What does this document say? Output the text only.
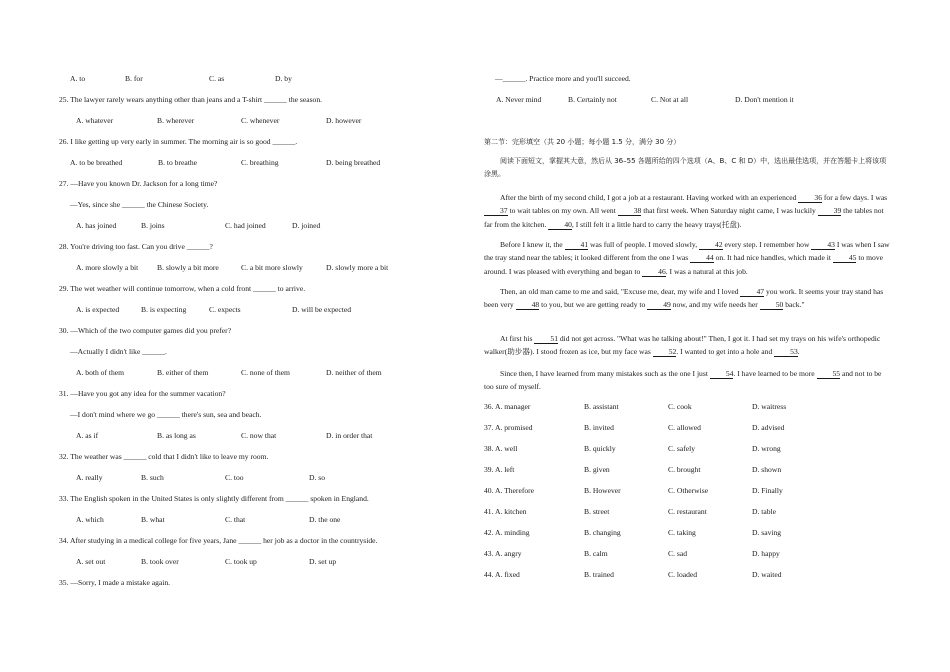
A. to	B. for	C. as	D. by
25. The lawyer rarely wears anything other than jeans and a T-shirt ______ the season.
A. whatever	B. wherever	C. whenever	D. however
26. I like getting up very early in summer. The morning air is so good ______.
A. to be breathed	B. to breathe	C. breathing	D. being breathed
27. —Have you known Dr. Jackson for a long time?
—Yes, since she ______ the Chinese Society.
A. has joined	B. joins	C. had joined	D. joined
28. You're driving too fast. Can you drive ______?
A. more slowly a bit B. slowly a bit more	C. a bit more slowly	D. slowly more a bit
29. The wet weather will continue tomorrow, when a cold front ______ to arrive.
A. is expected	B. is expecting	C. expects	D. will be expected
30. —Which of the two computer games did you prefer?
—Actually I didn't like ______.
A. both of them	B. either of them	C. none of them	D. neither of them
31. —Have you got any idea for the summer vacation?
—I don't mind where we go ______ there's sun, sea and beach.
A. as if	B. as long as	C. now that	D. in order that
32. The weather was ______ cold that I didn't like to leave my room.
A. really	B. such	C. too	D. so
33. The English spoken in the United States is only slightly different from ______ spoken in England.
A. which	B. what	C. that	D. the one
34. After studying in a medical college for five years, Jane ______ her job as a doctor in the countryside.
A. set out	B. took over	C. took up	D. set up
35. —Sorry, I made a mistake again.
—______. Practice more and you'll succeed.
A. Never mind	B. Certainly not	C. Not at all	D. Don't mention it
第二节：完形填空（共 20 小题；每小题 1.5 分，满分 30 分）
阅读下面短文，掌握其大意，然后从 36–55 各题所给的四个选项（A、B、C 和 D）中，选出最佳选项，并在答题卡上将该项涂黑。
After the birth of my second child, I got a job at a restaurant. Having worked with an experienced 36 for a few days. I was 37 to wait tables on my own. All went 38 that first week. When Saturday night came, I was luckily 39 the tables not far from the kitchen. 40, I still felt it a little hard to carry the heavy trays(托盘).
Before I knew it, the 41 was full of people. I moved slowly, 42 every step. I remember how 43 I was when I saw the tray stand near the tables; it looked different from the one I was 44 on. It had nice handles, which made it 45 to move around. I was pleased with everything and began to 46. I was a natural at this job.
Then, an old man came to me and said, "Excuse me, dear, my wife and I loved 47 you work. It seems your tray stand has been very 48 to you, but we are getting ready to 49 now, and my wife needs her 50 back."
At first his 51 did not get across. "What was he talking about!" Then, I got it. I had set my trays on his wife's orthopedic walker(助步器). I stood frozen as ice, but my face was 52. I wanted to get into a hole and 53.
Since then, I have learned from many mistakes such as the one I just 54. I have learned to be more 55 and not to be too sure of myself.
36. A. manager	B. assistant	C. cook	D. waitress
37. A. promised	B. invited	C. allowed	D. advised
38. A. well	B. quickly	C. safely	D. wrong
39. A. left	B. given	C. brought	D. shown
40. A. Therefore	B. However	C. Otherwise	D. Finally
41. A. kitchen	B. street	C. restaurant	D. table
42. A. minding	B. changing	C. taking	D. saving
43. A. angry	B. calm	C. sad	D. happy
44. A. fixed	B. trained	C. loaded	D. waited
